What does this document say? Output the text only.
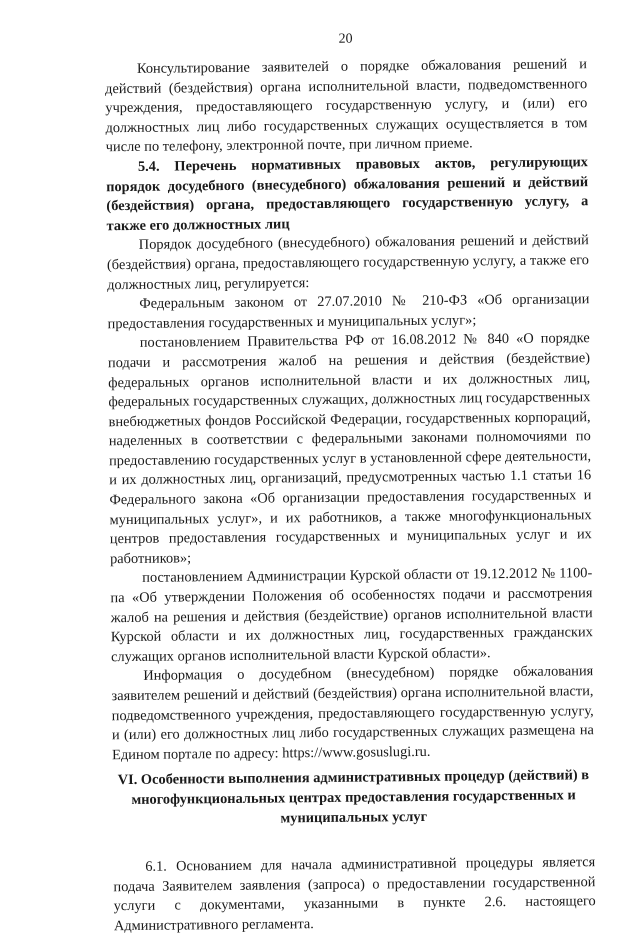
20

Консультирование заявителей о порядке обжалования решений и действий (бездействия) органа исполнительной власти, подведомственного учреждения, предоставляющего государственную услугу, и (или) его должностных лиц либо государственных служащих осуществляется в том числе по телефону, электронной почте, при личном приеме.

5.4. Перечень нормативных правовых актов, регулирующих порядок досудебного (внесудебного) обжалования решений и действий (бездействия) органа, предоставляющего государственную услугу, а также его должностных лиц

Порядок досудебного (внесудебного) обжалования решений и действий (бездействия) органа, предоставляющего государственную услугу, а также его должностных лиц, регулируется:

Федеральным законом от 27.07.2010 № 210-ФЗ «Об организации предоставления государственных и муниципальных услуг»;

постановлением Правительства РФ от 16.08.2012 № 840 «О порядке подачи и рассмотрения жалоб на решения и действия (бездействие) федеральных органов исполнительной власти и их должностных лиц, федеральных государственных служащих, должностных лиц государственных внебюджетных фондов Российской Федерации, государственных корпораций, наделенных в соответствии с федеральными законами полномочиями по предоставлению государственных услуг в установленной сфере деятельности, и их должностных лиц, организаций, предусмотренных частью 1.1 статьи 16 Федерального закона «Об организации предоставления государственных и муниципальных услуг», и их работников, а также многофункциональных центров предоставления государственных и муниципальных услуг и их работников»;

постановлением Администрации Курской области от 19.12.2012 № 1100-па «Об утверждении Положения об особенностях подачи и рассмотрения жалоб на решения и действия (бездействие) органов исполнительной власти Курской области и их должностных лиц, государственных гражданских служащих органов исполнительной власти Курской области».

Информация о досудебном (внесудебном) порядке обжалования заявителем решений и действий (бездействия) органа исполнительной власти, подведомственного учреждения, предоставляющего государственную услугу, и (или) его должностных лиц либо государственных служащих размещена на Едином портале по адресу: https://www.gosuslugi.ru.

VI. Особенности выполнения административных процедур (действий) в многофункциональных центрах предоставления государственных и муниципальных услуг

6.1. Основанием для начала административной процедуры является подача Заявителем заявления (запроса) о предоставлении государственной услуги с документами, указанными в пункте 2.6. настоящего Административного регламента.
